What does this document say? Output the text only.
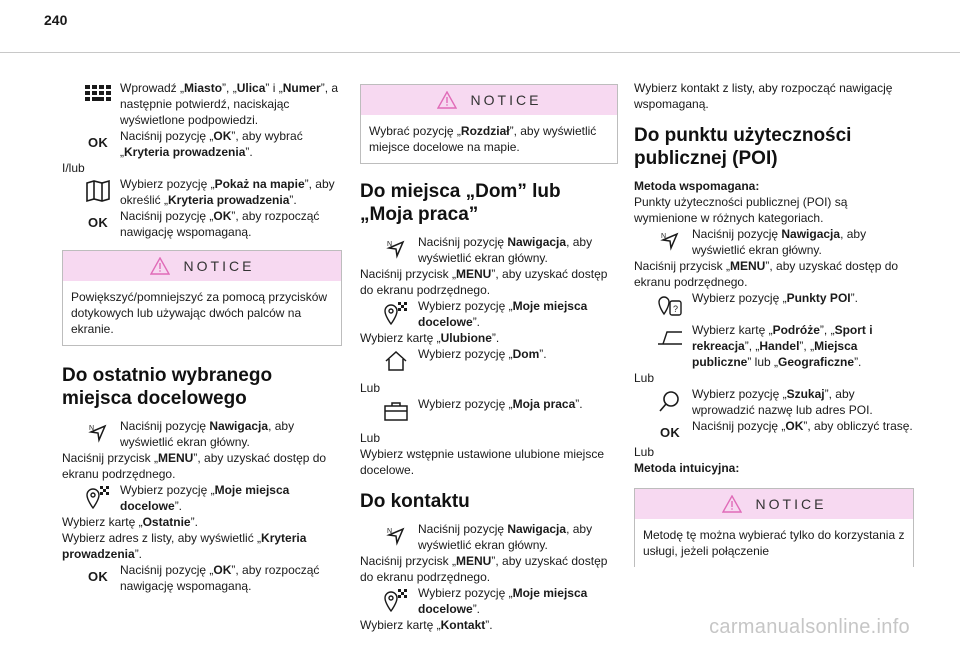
240

Wprowadź „Miasto”, „Ulica” i „Numer”, a następnie potwierdź, naciskając wyświetlone podpowiedzi.

OK Naciśnij pozycję „OK”, aby wybrać „Kryteria prowadzenia”.

I/lub

Wybierz pozycję „Pokaż na mapie”, aby określić „Kryteria prowadzenia”.

OK Naciśnij pozycję „OK”, aby rozpocząć nawigację wspomaganą.

NOTICE
Powiększyć/pomniejszyć za pomocą przycisków dotykowych lub używając dwóch palców na ekranie.
Do ostatnio wybranego miejsca docelowego
N Naciśnij pozycję Nawigacja, aby wyświetlić ekran główny.

Naciśnij przycisk „MENU”, aby uzyskać dostęp do ekranu podrzędnego.

Wybierz pozycję „Moje miejsca docelowe”.

Wybierz kartę „Ostatnie”.

Wybierz adres z listy, aby wyświetlić „Kryteria prowadzenia”.

OK Naciśnij pozycję „OK”, aby rozpocząć nawigację wspomaganą.

NOTICE
Wybrać pozycję „Rozdział”, aby wyświetlić miejsce docelowe na mapie.
Do miejsca „Dom” lub „Moja praca”
N Naciśnij pozycję Nawigacja, aby wyświetlić ekran główny.

Naciśnij przycisk „MENU”, aby uzyskać dostęp do ekranu podrzędnego.

Wybierz pozycję „Moje miejsca docelowe”.

Wybierz kartę „Ulubione”.

Wybierz pozycję „Dom”.

Lub

Wybierz pozycję „Moja praca”.

Lub

Wybierz wstępnie ustawione ulubione miejsce docelowe.

Do kontaktu
N Naciśnij pozycję Nawigacja, aby wyświetlić ekran główny.

Naciśnij przycisk „MENU”, aby uzyskać dostęp do ekranu podrzędnego.

Wybierz pozycję „Moje miejsca docelowe”.

Wybierz kartę „Kontakt”.

Wybierz kontakt z listy, aby rozpocząć nawigację wspomaganą.

Do punktu użyteczności publicznej (POI)

Metoda wspomagana:

Punkty użyteczności publicznej (POI) są wymienione w różnych kategoriach.

N Naciśnij pozycję Nawigacja, aby wyświetlić ekran główny.

Naciśnij przycisk „MENU”, aby uzyskać dostęp do ekranu podrzędnego.

?

Wybierz pozycję „Punkty POI”.

Wybierz kartę „Podróże”, „Sport i rekreacja”, „Handel”, „Miejsca publiczne” lub „Geograficzne”.

Lub

Wybierz pozycję „Szukaj”, aby wprowadzić nazwę lub adres POI.

OK Naciśnij pozycję „OK”, aby obliczyć trasę.

Lub

Metoda intuicyjna:

NOTICE
Metodę tę można wybierać tylko do korzystania z usługi, jeżeli połączenie
carmanualsonline.info
